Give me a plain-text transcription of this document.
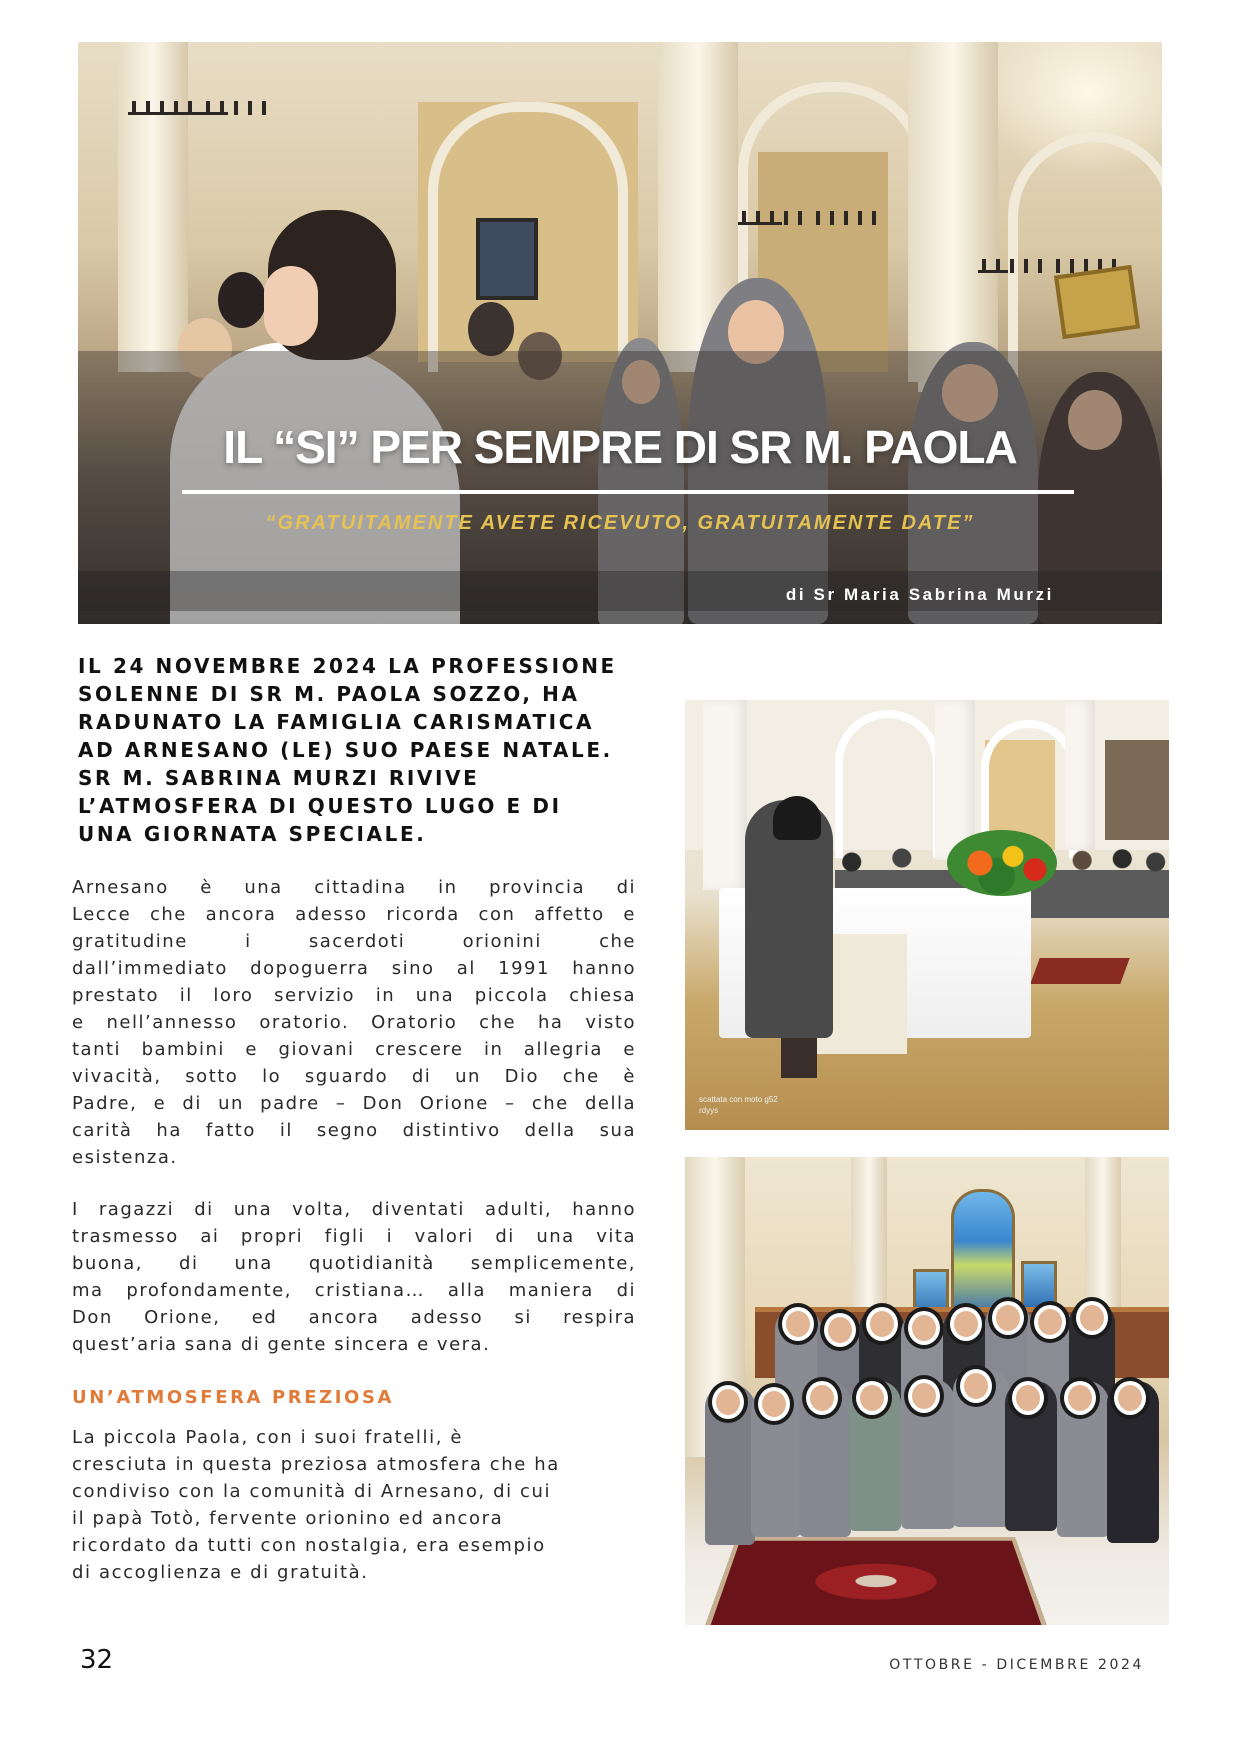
IL “SI” PER SEMPRE DI SR M. PAOLA
“GRATUITAMENTE AVETE RICEVUTO, GRATUITAMENTE DATE”
di Sr Maria Sabrina Murzi

IL 24 NOVEMBRE 2024 LA PROFESSIONE
SOLENNE DI SR M. PAOLA SOZZO, HA
RADUNATO LA FAMIGLIA CARISMATICA
AD ARNESANO (LE) SUO PAESE NATALE.
SR M. SABRINA MURZI RIVIVE
L’ATMOSFERA DI QUESTO LUGO E DI
UNA GIORNATA SPECIALE.

Arnesano è una cittadina in provincia di
Lecce che ancora adesso ricorda con affetto e
gratitudine i sacerdoti orionini che
dall’immediato dopoguerra sino al 1991 hanno
prestato il loro servizio in una piccola chiesa
e nell’annesso oratorio. Oratorio che ha visto
tanti bambini e giovani crescere in allegria e
vivacità, sotto lo sguardo di un Dio che è
Padre, e di un padre – Don Orione – che della
carità ha fatto il segno distintivo della sua
esistenza.

I ragazzi di una volta, diventati adulti, hanno
trasmesso ai propri figli i valori di una vita
buona, di una quotidianità semplicemente,
ma profondamente, cristiana… alla maniera di
Don Orione, ed ancora adesso si respira
quest’aria sana di gente sincera e vera.

UN’ATMOSFERA PREZIOSA

La piccola Paola, con i suoi fratelli, è
cresciuta in questa preziosa atmosfera che ha
condiviso con la comunità di Arnesano, di cui
il papà Totò, fervente orionino ed ancora
ricordato da tutti con nostalgia, era esempio
di accoglienza e di gratuità.

scattata con moto g52
rdyys
32	OTTOBRE - DICEMBRE 2024
